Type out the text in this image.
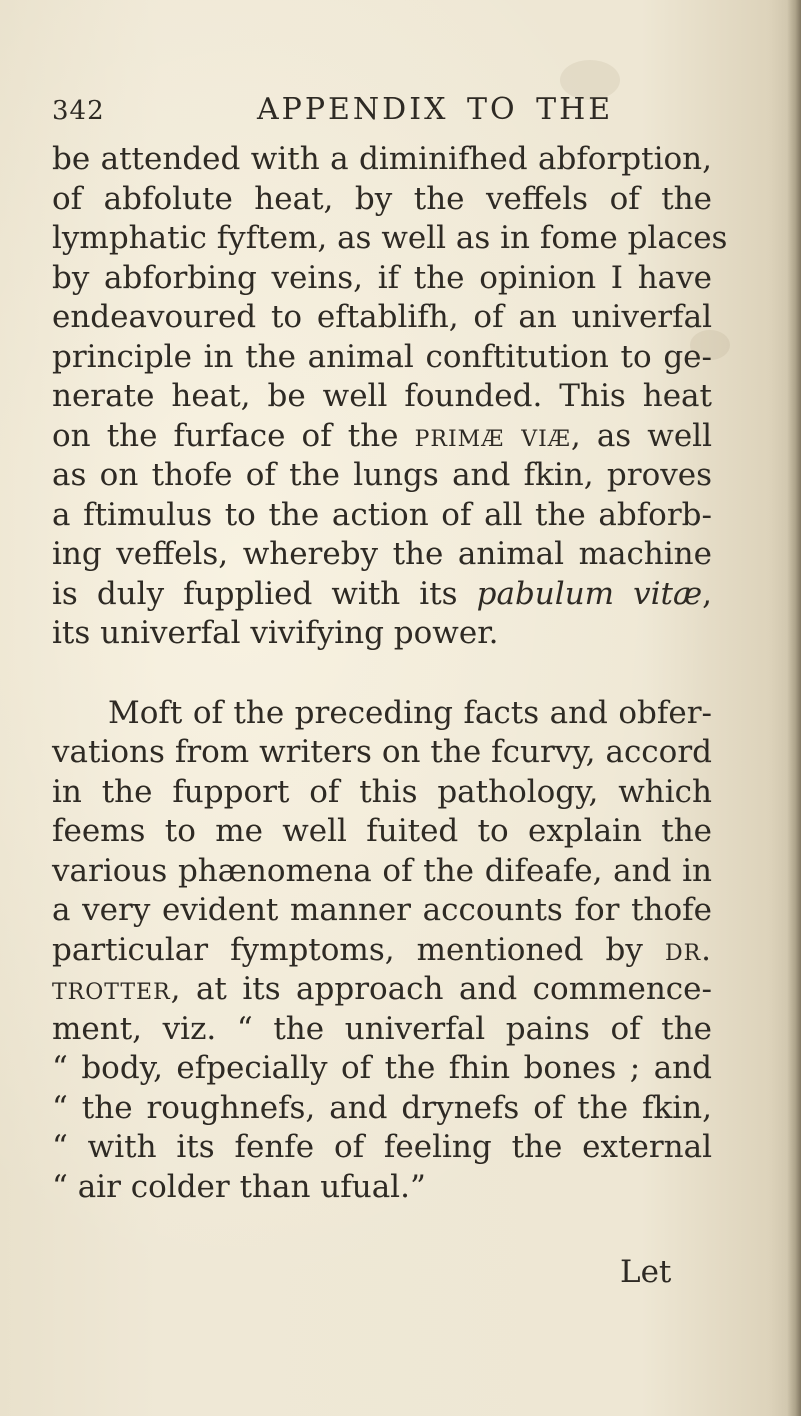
342	APPENDIX TO THE
be attended with a diminifhed abforption,
of abfolute heat, by the veffels of the
lymphatic fyftem, as well as in fome places
by abforbing veins, if the opinion I have
endeavoured to eftablifh, of an univerfal
principle in the animal conftitution to ge-
nerate heat, be well founded. This heat
on the furface of the primæ viæ, as well
as on thofe of the lungs and fkin, proves
a ftimulus to the action of all the abforb-
ing veffels, whereby the animal machine
is duly fupplied with its pabulum vitæ,
its univerfal vivifying power.
Moft of the preceding facts and obfer-
vations from writers on the fcurvy, accord
in the fupport of this pathology, which
feems to me well fuited to explain the
various phænomena of the difeafe, and in
a very evident manner accounts for thofe
particular fymptoms, mentioned by dr.
trotter, at its approach and commence-
ment, viz. “ the univerfal pains of the
“ body, efpecially of the fhin bones ; and
“ the roughnefs, and drynefs of the fkin,
“ with its fenfe of feeling the external
“ air colder than ufual.”
Let
